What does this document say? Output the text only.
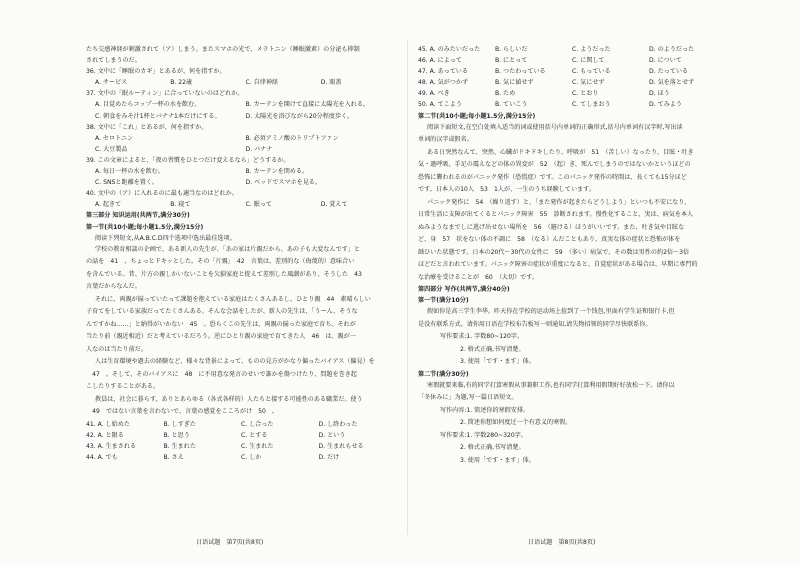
たち交感神経が刺激されて（ア）しまう。またスマホの光で、メラトニン（睡眠激素）の分泌も抑制
されてしまうのだ。
36. 文中に「睡眠のカギ」とあるが、何を指すか。
A. サービス	B. 22歳	C. 自律神経	D. 眼盖
37. 文中の「眠ルーティン」に合っていないのはどれか。
A. 目覚めたらコップ一杯の水を飲む。	B. カーテンを開けて直接に太陽光を入れる。
C. 朝食をみそ汁1杯とバナナ1本だけにする。	D. 太陽光を浴びながら20分程度歩く。
38. 文中に「これ」とあるが、何を指すか。
A. セロトニン	B. 必須アミノ酸のトリプトファン
C. 大豆製品	D. バナナ
39. この文章によると、「夜の習慣をひとつだけ変えるなら」どうするか。
A. 毎日一杯の水を飲む。	B. カーテンを閉める。
C. SNSと距離を置く。	D. ベッドでスマホを見る。
40. 文中の（ア）に入れるのに最も適当なのはどれか。
A. 起きて	B. 寝て	C. 眠って	D. 覚えて
第三部分 知识运用(共两节,满分30分)
第一节(共10小题;每小题1.5分,满分15分)
阅读下列短文,从A.B.C.D四个选项中选出最佳选项。
学校の教育相談の企画で、ある新人の先生が、「あの家は片親だから、あの子も大変なんです」と
の話を　41　、ちょっとドキッとした。その「片親」　42　言葉は、差別的な（侮蔑的）意味合い
を含んでいる。昔、片方の親しかいないことを欠損家庭と捉えて差別した風潮があり、そうした　43
言葉だからなんだ。
それに、両親が揃っていたって課題を抱えている家庭はたくさんあるし、ひとり親　44　素晴らしい
子育てをしている家族だってたくさんある。そんな会話をしたが、新人の先生は、「うーん、そうな
んですかね……」と納得がいかない　45　。恐らくこの先生は、両親の揃った家庭で育ち、それが
当たり前（親近相近）だと考えているだろう。逆にひとり親の家庭で育てきた人　46　は、親が一
人なのは当たり前だ。
人は生育環境や過去の経験など、様々な背景によって、ものの見方がかなり偏ったバイアス（偏見）を
　47　。そして、そのバイアスに　48　に不用意な発言のせいで誰かを傷つけたり、問題を巻き起
こしたりすることがある。
教員は、社会に暮らす、ありとあらゆる（各式各样的）人たちと接する可能性のある職業だ。使う
　49　ではない言葉を言わないで、言葉の感覚をこころがけ　50　。
41. A. し始めた	B. しすぎた	C. し合った	D. し終わった
42. A. と限る	B. と思う	C. とする	D. という
43. A. 生まされる	B. 生まれた	C. 生まれた	D. 生まれもせる
44. A. でも	B. さえ	C. しか	D. だけ
45. A. のみたいだった	B. らしいだ	C. ようだった	D. のようだった
46. A. によって	B. にとって	C. に関して	D. について
47. A. あっている	B. つたわっている	C. もっている	D. たっている
48. A. 気がつかず	B. 気に値せず	C. 気にせず	D. 気を落とせず
49. A. べき	B. ため	C. とおり	D. ほう
50. A. てこよう	B. ていこう	C. てしまおう	D. てみよう
第二节(共10小题;每小题1.5分,满分15分)
阅读下面短文,在空白处填入适当的词或使用括号内单词的正确形式,括号内单词有汉字时,写出读
单词的汉字或假名。
ある日突然なんて、突然、心臓がドキドキしたり、呼吸が　51　（苦しい）なったり、目眩・吐き
気・過呼吸、手足の震えなどの体の異変が　52　（起）き、死んでしまうのではないかというほどの
恐怖に襲われるのがパニック発作（恐慌症）です。このパニック発作の時間は、長くても15分ほど
です。日本人の10人　53　1人が、一生のうち経験しています。
パニック発作に　54　（繰り返す）と、「また発作が起きたらどうしよう」といつも不安になり、
日常生活に支障が出てくるとパニック障害　55　診断されます。慢性化すること、実は、病気を本人
ぬみようなまでしに逃げ出せない場所を　56　（避ける）ほうがいいです。また、吐き気や目眩な
ど、身　57　状をない体の不調に　58　（なる）んだこともあり、真実な体の症状と恐怖が体を
蝕ひいた状態です。日本の20代～30代の女性に　59　（多い）病気で、その数は男性の約2倍～3倍
ほどだと言われています。パニック障害の症状が重度になると、自覚症状がある場合は、早期に専門的
な治療を受けることが　60　（大切）です。
第四部分 写作(共两节,满分40分)
第一节(满分10分)
假如你是高三学生李华。昨天你在学校的运动场上捡到了一个钱包,里面有学生证和银行卡,但
是没有联系方式。请你用日语在学校布告板写一则通知,请失物招领的同学尽快联系你。
写作要求:1. 字数80~120字。
2. 格式正确,书写清楚。
3. 使用「です・ます」体。
第二节(满分30分)
寒假就要来临,有的同学打算寒假从事兼职工作,也有同学打算利用假期好好放松一下。请你以
「冬休みに」为题,写一篇日语短文。
写作内容:1. 简述你的寒假安排。
2. 简述你想如何度过一个有意义的寒假。
写作要求:1. 字数280~320字。
2. 格式正确,书写清楚。
3. 使用「です・ます」体。
日语试题　第7页(共8页)	日语试题　第8页(共8页)
